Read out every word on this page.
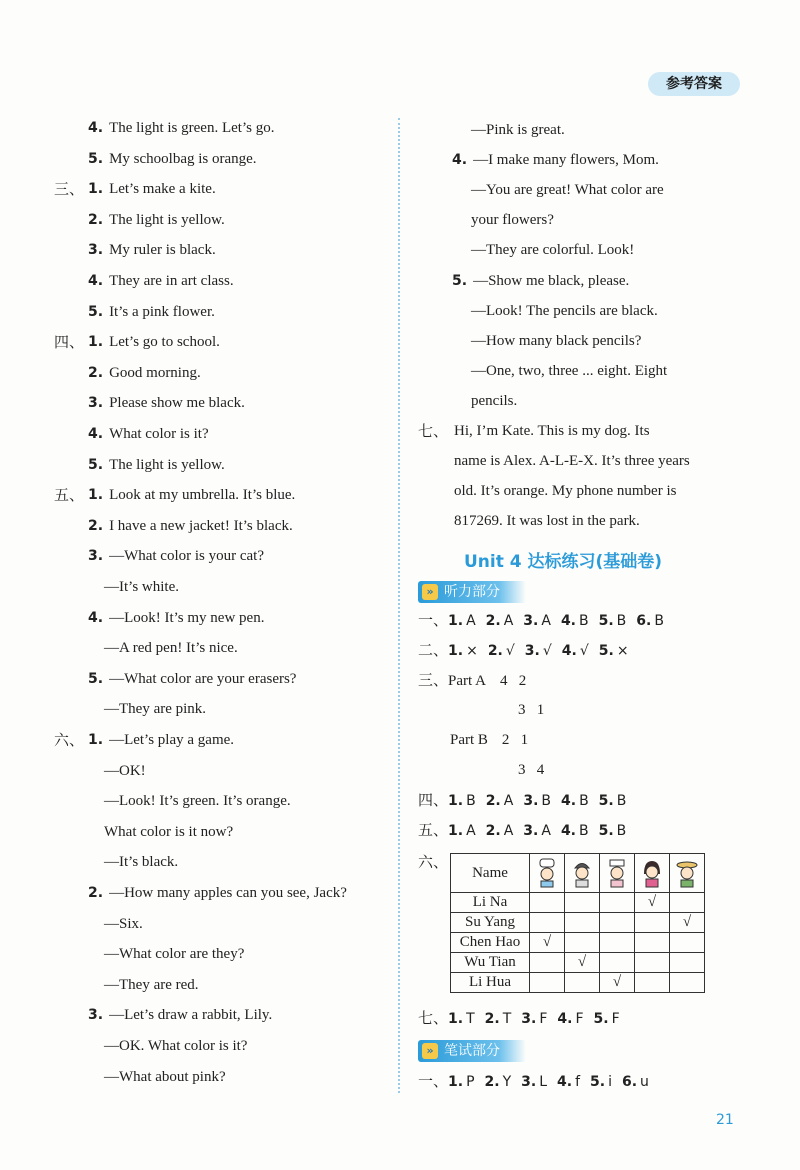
参考答案
4. The light is green. Let’s go.
5. My schoolbag is orange.
三、 1. Let’s make a kite.
2. The light is yellow.
3. My ruler is black.
4. They are in art class.
5. It’s a pink flower.
四、 1. Let’s go to school.
2. Good morning.
3. Please show me black.
4. What color is it?
5. The light is yellow.
五、 1. Look at my umbrella. It’s blue.
2. I have a new jacket! It’s black.
3. —What color is your cat?
—It’s white.
4. —Look! It’s my new pen.
—A red pen! It’s nice.
5. —What color are your erasers?
—They are pink.
六、 1. —Let’s play a game.
—OK!
—Look! It’s green. It’s orange.
What color is it now?
—It’s black.
2. —How many apples can you see, Jack?
—Six.
—What color are they?
—They are red.
3. —Let’s draw a rabbit, Lily.
—OK. What color is it?
—What about pink?
—Pink is great.
4. —I make many flowers, Mom.
—You are great! What color are
your flowers?
—They are colorful. Look!
5. —Show me black, please.
—Look! The pencils are black.
—How many black pencils?
—One, two, three ... eight. Eight
pencils.
七、 Hi, I’m Kate. This is my dog. Its
name is Alex. A-L-E-X. It’s three years
old. It’s orange. My phone number is
817269. It was lost in the park.
Unit 4 达标练习(基础卷)
» 听力部分
一、1. A 2. A 3. A 4. B 5. B 6. B
二、1. × 2. √ 3. √ 4. √ 5. ×
三、Part A 4   2
3   1
Part B 2   1
3   4
四、1. B 2. A 3. B 4. B 5. B
五、1. A 2. A 3. A 4. B 5. B
六、
Name					
Li Na				√	
Su Yang					√
Chen Hao	√				
Wu Tian		√			
Li Hua			√		
七、1. T 2. T 3. F 4. F 5. F
» 笔试部分
一、1. P 2. Y 3. L 4. f 5. i 6. u
21
